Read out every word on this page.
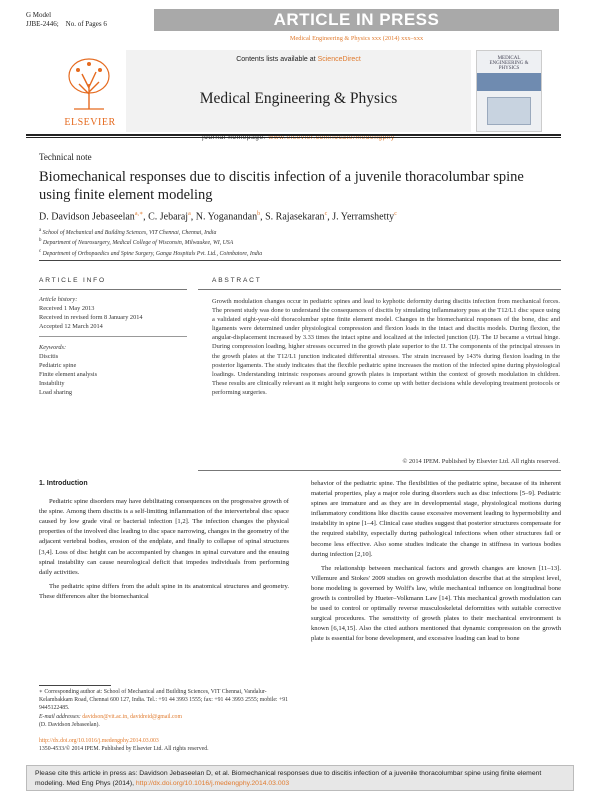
G Model
JJBE-2446; No. of Pages 6	ARTICLE IN PRESS
Medical Engineering & Physics xxx (2014) xxx–xxx
ELSEVIER
Contents lists available at ScienceDirect
Medical Engineering & Physics
MEDICAL ENGINEERING & PHYSICS
Technical note
Biomechanical responses due to discitis infection of a juvenile thoracolumbar spine using finite element modeling
D. Davidson Jebaseelan$^{a,∗}$, C. Jebaraj$^a$, N. Yoganandan$^b$, S. Rajasekaran$^c$, J. Yerramshetty$^c$
$^a$ School of Mechanical and Building Sciences, VIT Chennai, Chennai, India
$^b$ Department of Neurosurgery, Medical College of Wisconsin, Milwaukee, WI, USA
$^c$ Department of Orthopaedics and Spine Surgery, Ganga Hospitals Pvt. Ltd., Coimbatore, India
ARTICLE INFO	ABSTRACT
Article history:
Received 1 May 2013
Received in revised form 8 January 2014
Accepted 12 March 2014
Keywords:
Discitis
Pediatric spine
Finite element analysis
Instability
Load sharing
Growth modulation changes occur in pediatric spines and lead to kyphotic deformity during discitis infection from mechanical forces. The present study was done to understand the consequences of discitis by simulating inflammatory puss at the T12/L1 disc space using a validated eight-year-old thoracolumbar spine finite element model. Changes in the biomechanical responses of the bone, disc and ligaments were determined under physiological compression and flexion loads in the intact and discitis models. During flexion, the angular-displacement increased by 3.33 times the intact spine and localized at the infected junction (IJ). The IJ became a virtual hinge. During compression loading, higher stresses occurred in the growth plate superior to the IJ. The components of the principal stresses in the growth plates at the T12/L1 junction indicated differential stresses. The strain increased by 143% during flexion loading in the posterior ligaments. The study indicates that the flexible pediatric spine increases the motion of the infected spine during physiological loadings. Understanding intrinsic responses around growth plates is important within the context of growth modulation in children. These results are clinically relevant as it might help surgeons to come up with better decisions while developing treatment protocols or performing surgeries.
© 2014 IPEM. Published by Elsevier Ltd. All rights reserved.
1. Introduction

Pediatric spine disorders may have debilitating consequences on the progressive growth of the spine. Among them discitis is a self-limiting inflammation of the intervertebral disc space caused by low grade viral or bacterial infection [1,2]. The infection changes the physical properties of the involved disc leading to disc space narrowing, changes in the geometry of the adjacent vertebral bodies, erosion of the endplate, and finally to collapse of spinal structures [3,4]. Loss of disc height can be accompanied by changes in spinal curvature and the ensuing spinal instability can cause neurological deficit that impedes individuals from performing daily activities.

The pediatric spine differs from the adult spine in its anatomical structures and geometry. These differences alter the biomechanical

behavior of the pediatric spine. The flexibilities of the pediatric spine, because of its inherent material properties, play a major role during disorders such as disc infections [5–9]. Pediatric spines are immature and as they are in developmental stage, physiological motions during inflammatory conditions like discitis cause excessive movement leading to hypermobility and instability in spine [1–4]. Clinical case studies suggest that posterior structures compensate for the required stability, especially during pathological infections when other structures fail or become less effective. Also some studies indicate the change in stiffness in various bodies during infection [2,10].

The relationship between mechanical factors and growth changes are known [11–13]. Villemure and Stokes' 2009 studies on growth modulation describe that at the simplest level, bone modeling is governed by Wolff's law, while mechanical influence on longitudinal bone growth is controlled by Hueter–Volkmann Law [14]. This mechanical growth modulation can be used to control or optimally reverse musculoskeletal deformities with suitable corrective surgical procedures. The sensitivity of growth plates to their mechanical environment is known [6,14,15]. Also the cited authors mentioned that dynamic compression on the growth plate is essential for bone development, and excessive loading can lead to bone

∗ Corresponding author at: School of Mechanical and Building Sciences, VIT Chennai, Vandalur-Kelambakkam Road, Chennai 600 127, India. Tel.: +91 44 3993 1555; fax: +91 44 3993 2555; mobile: +91 9445122485.
E-mail addresses: davidson@vit.ac.in, davidreid@gmail.com
(D. Davidson Jebaseelan).
http://dx.doi.org/10.1016/j.medengphy.2014.03.003
1350-4533/© 2014 IPEM. Published by Elsevier Ltd. All rights reserved.
Please cite this article in press as: Davidson Jebaseelan D, et al. Biomechanical responses due to discitis infection of a juvenile thoracolumbar spine using finite element modeling. Med Eng Phys (2014), http://dx.doi.org/10.1016/j.medengphy.2014.03.003
